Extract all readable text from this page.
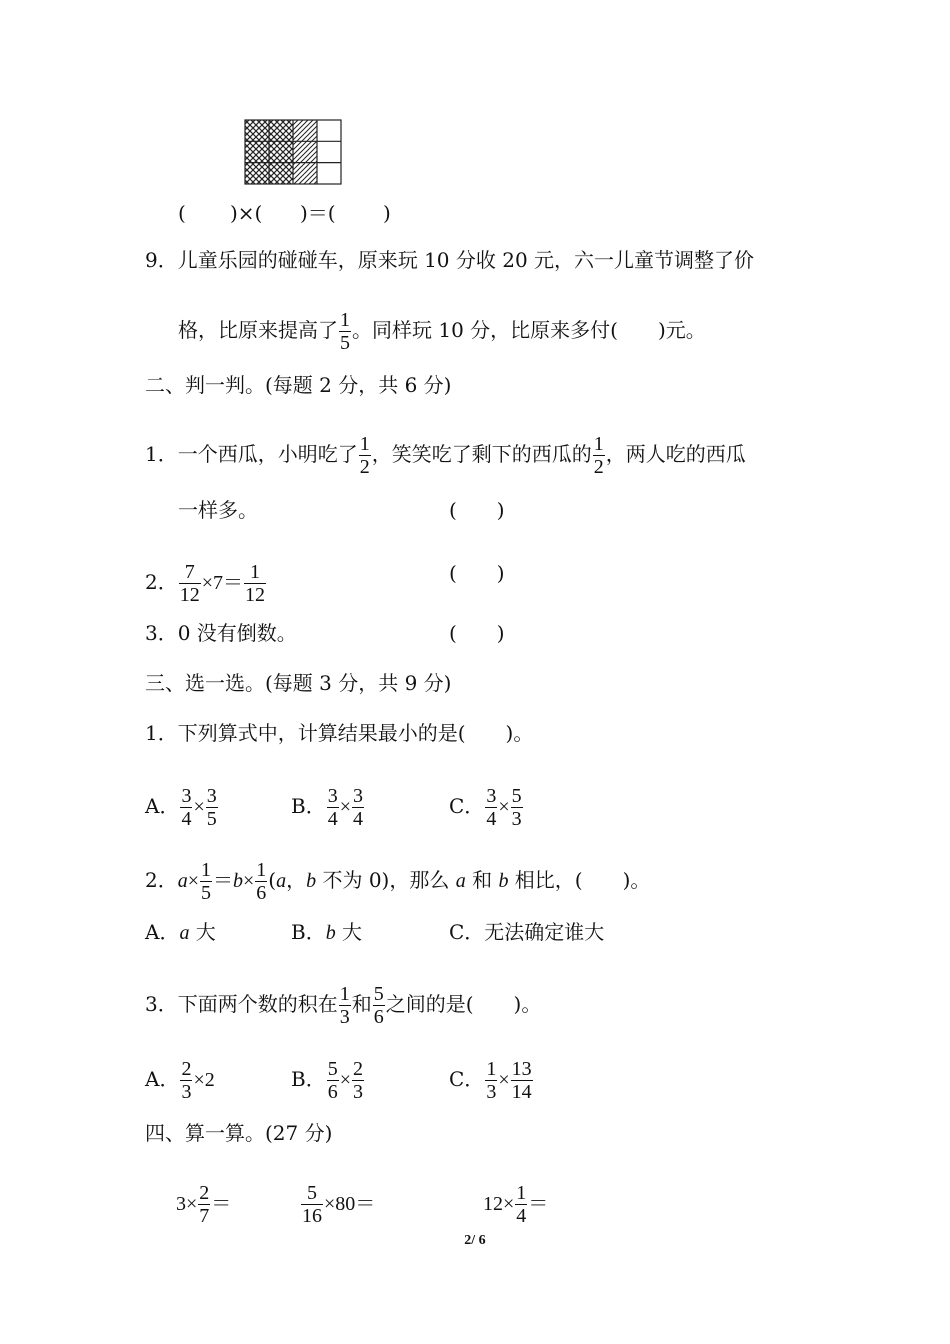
( )×( )＝( )
9．儿童乐园的碰碰车，原来玩 10 分收 20 元，六一儿童节调整了价
格，比原来提高了 $\frac{1}{5}$ 。同样玩 10 分，比原来多付(　　)元。
二、判一判。(每题 2 分，共 6 分)
1．一个西瓜，小明吃了 $\frac{1}{2}$ ，笑笑吃了剩下的西瓜的 $\frac{1}{2}$ ，两人吃的西瓜
一样多。	(　　)
2． $\frac{7}{12} \times 7= \frac{1}{12}$	(　　)
3．0 没有倒数。	(　　)
三、选一选。(每题 3 分，共 9 分)
1．下列算式中，计算结果最小的是(　　)。
A． $\frac{3}{4} \times \frac{3}{5}$	B． $\frac{3}{4} \times \frac{3}{4}$	C． $\frac{3}{4} \times \frac{5}{3}$
2．$a\times \frac{1}{5} =b\times \frac{1}{6} (a$，b 不为 0)，那么 a 和 b 相比，(　　)。
A．a 大	B．b 大	C．无法确定谁大
3．下面两个数的积在 $\frac{1}{3}$ 和 $\frac{5}{6}$ 之间的是(　　)。
A． $\frac{2}{3} \times 2$	B． $\frac{5}{6} \times \frac{2}{3}$	C． $\frac{1}{3} \times \frac{13}{14}$
四、算一算。(27 分)
$3\times \frac{2}{7}$ ＝	$\frac{5}{16} \times 80=$	$12\times \frac{1}{4}$ ＝
2/ 6
